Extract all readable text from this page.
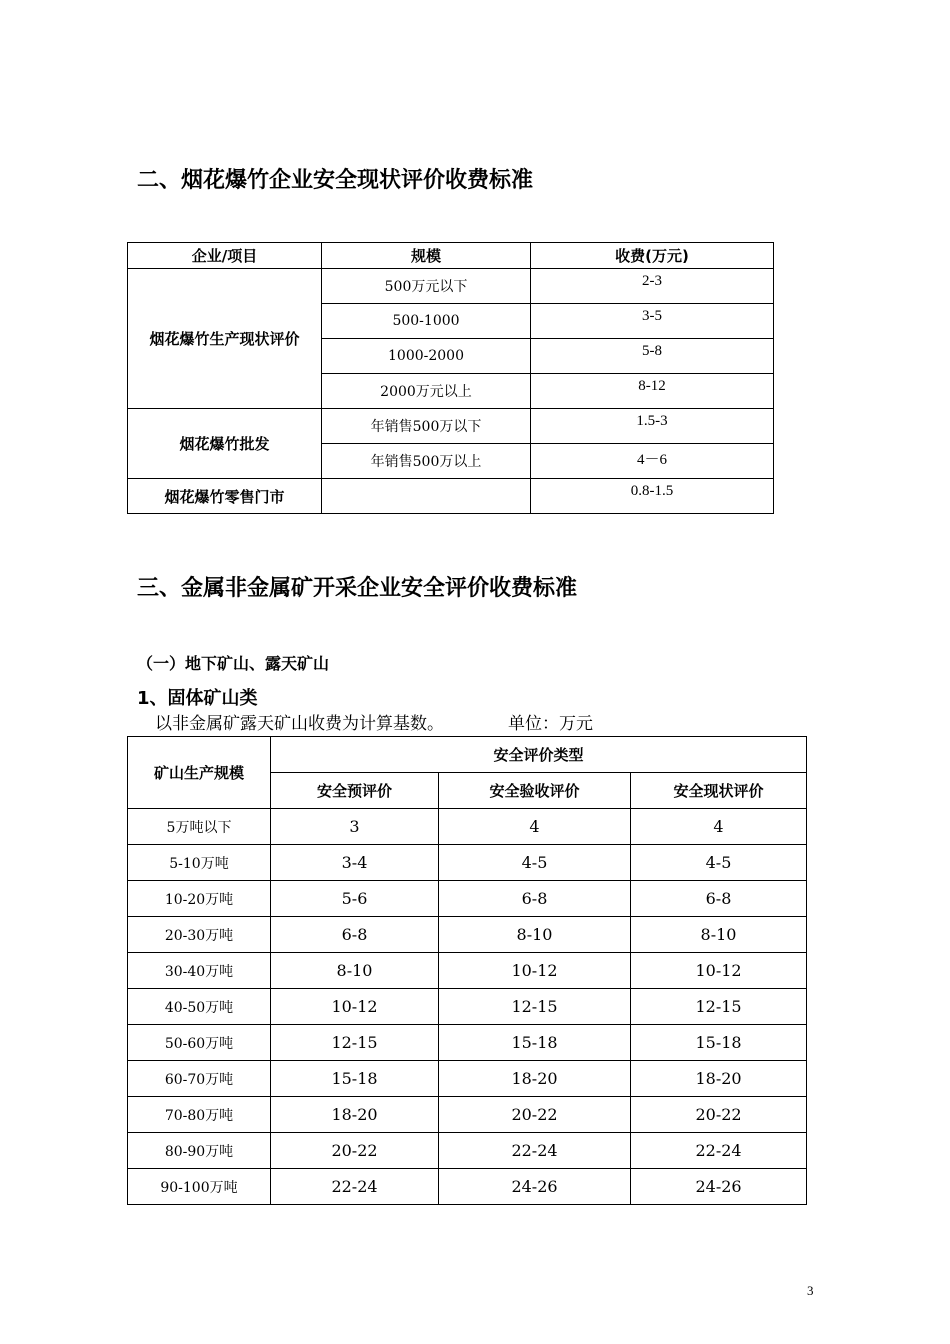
二、烟花爆竹企业安全现状评价收费标准
企业/项目	规模	收费(万元)
烟花爆竹生产现状评价	500万元以下	2-3
	500-1000	3-5
	1000-2000	5-8
	2000万元以上	8-12
烟花爆竹批发	年销售500万以下	1.5-3
	年销售500万以上	4－6
烟花爆竹零售门市		0.8-1.5
三、金属非金属矿开采企业安全评价收费标准
（一）地下矿山、露天矿山
1、固体矿山类
以非金属矿露天矿山收费为计算基数。	单位：万元
矿山生产规模	安全评价类型		
	安全预评价	安全验收评价	安全现状评价
5万吨以下	3	4	4
5-10万吨	3-4	4-5	4-5
10-20万吨	5-6	6-8	6-8
20-30万吨	6-8	8-10	8-10
30-40万吨	8-10	10-12	10-12
40-50万吨	10-12	12-15	12-15
50-60万吨	12-15	15-18	15-18
60-70万吨	15-18	18-20	18-20
70-80万吨	18-20	20-22	20-22
80-90万吨	20-22	22-24	22-24
90-100万吨	22-24	24-26	24-26
3
